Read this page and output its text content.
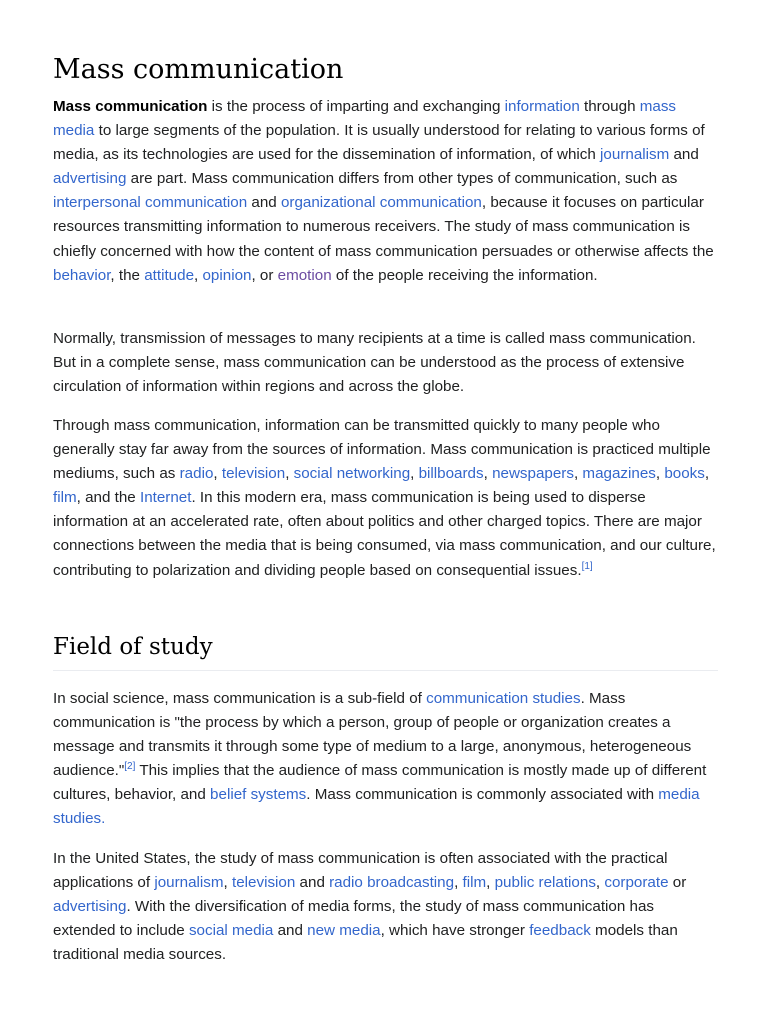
Mass communication

Mass communication is the process of imparting and exchanging information through mass media to large segments of the population. It is usually understood for relating to various forms of media, as its technologies are used for the dissemination of information, of which journalism and advertising are part. Mass communication differs from other types of communication, such as interpersonal communication and organizational communication, because it focuses on particular resources transmitting information to numerous receivers. The study of mass communication is chiefly concerned with how the content of mass communication persuades or otherwise affects the behavior, the attitude, opinion, or emotion of the people receiving the information.

Normally, transmission of messages to many recipients at a time is called mass communication. But in a complete sense, mass communication can be understood as the process of extensive circulation of information within regions and across the globe.

Through mass communication, information can be transmitted quickly to many people who generally stay far away from the sources of information. Mass communication is practiced multiple mediums, such as radio, television, social networking, billboards, newspapers, magazines, books, film, and the Internet. In this modern era, mass communication is being used to disperse information at an accelerated rate, often about politics and other charged topics. There are major connections between the media that is being consumed, via mass communication, and our culture, contributing to polarization and dividing people based on consequential issues.[1]

Field of study

In social science, mass communication is a sub-field of communication studies. Mass communication is "the process by which a person, group of people or organization creates a message and transmits it through some type of medium to a large, anonymous, heterogeneous audience."[2] This implies that the audience of mass communication is mostly made up of different cultures, behavior, and belief systems. Mass communication is commonly associated with media studies.

In the United States, the study of mass communication is often associated with the practical applications of journalism, television and radio broadcasting, film, public relations, corporate or advertising. With the diversification of media forms, the study of mass communication has extended to include social media and new media, which have stronger feedback models than traditional media sources.
